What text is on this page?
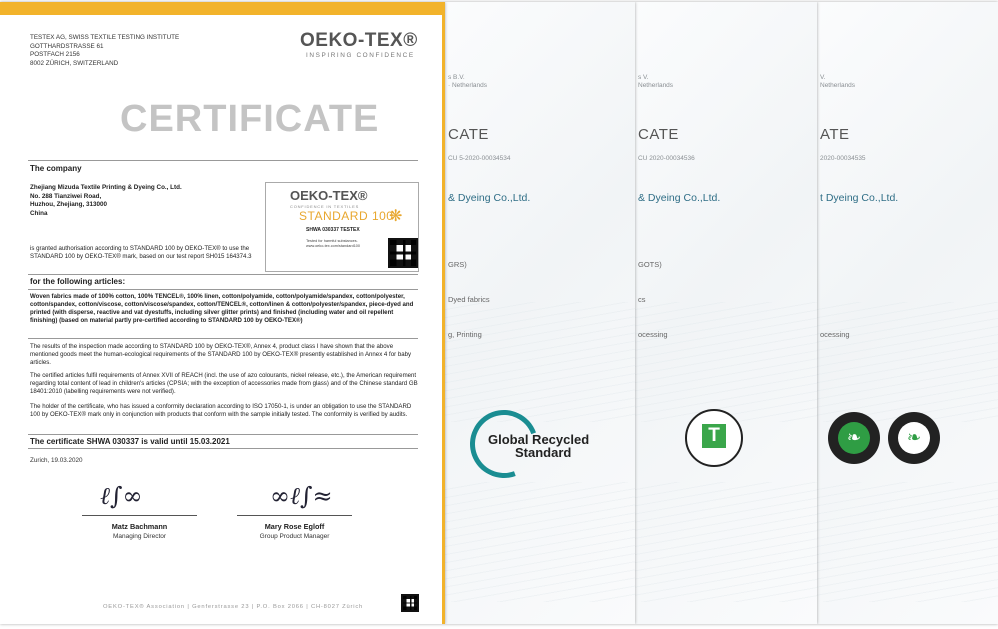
s B.V.
· Netherlands
CATE
CU 5-2020-00034534
& Dyeing Co.,Ltd.
GRS)
Dyed fabrics
g, Printing
s V.
Netherlands
CATE
CU 2020-00034536
& Dyeing Co.,Ltd.
GOTS)
cs
ocessing
V.
Netherlands
ATE
2020-00034535
t Dyeing Co.,Ltd.
ocessing
Global Recycled
Standard
T	❧	❧
TESTEX AG, SWISS TEXTILE TESTING INSTITUTE
GOTTHARDSTRASSE 61
POSTFACH 2156
8002 ZÜRICH, SWITZERLAND
OEKO-TEX®
INSPIRING CONFIDENCE
CERTIFICATE
The company
Zhejiang Mizuda Textile Printing & Dyeing Co., Ltd.
No. 288 Tianziwei Road,
Huzhou, Zhejiang, 313000
China
OEKO-TEX®
CONFIDENCE IN TEXTILES
STANDARD 100
❋
SHWA 030337 TESTEX
Tested for harmful substances.
www.oeko-tex.com/standard100
is granted authorisation according to STANDARD 100 by OEKO-TEX® to use the STANDARD 100 by OEKO-TEX® mark, based on our test report SH015 164374.3
for the following articles:
Woven fabrics made of 100% cotton, 100% TENCEL®, 100% linen, cotton/polyamide, cotton/polyamide/spandex, cotton/polyester, cotton/spandex, cotton/viscose, cotton/viscose/spandex, cotton/TENCEL®, cotton/linen & cotton/polyester/spandex, piece-dyed and printed (with disperse, reactive and vat dyestuffs, including silver glitter prints) and finished (including water and oil repellent finishing) (based on material partly pre-certified according to STANDARD 100 by OEKO-TEX®)
The results of the inspection made according to STANDARD 100 by OEKO-TEX®, Annex 4, product class I have shown that the above mentioned goods meet the human-ecological requirements of the STANDARD 100 by OEKO-TEX® presently established in Annex 4 for baby articles.
The certified articles fulfil requirements of Annex XVII of REACH (incl. the use of azo colourants, nickel release, etc.), the American requirement regarding total content of lead in children's articles (CPSIA; with the exception of accessories made from glass) and of the Chinese standard GB 18401:2010 (labelling requirements were not verified).
The holder of the certificate, who has issued a conformity declaration according to ISO 17050-1, is under an obligation to use the STANDARD 100 by OEKO-TEX® mark only in conjunction with products that conform with the sample initially tested. The conformity is verified by audits.
The certificate SHWA 030337 is valid until 15.03.2021
Zurich, 19.03.2020
ℓ∫∞	∞ℓ∫≈
Matz Bachmann
Managing Director
Mary Rose Egloff
Group Product Manager
OEKO-TEX® Association | Genferstrasse 23 | P.O. Box 2066 | CH-8027 Zürich
